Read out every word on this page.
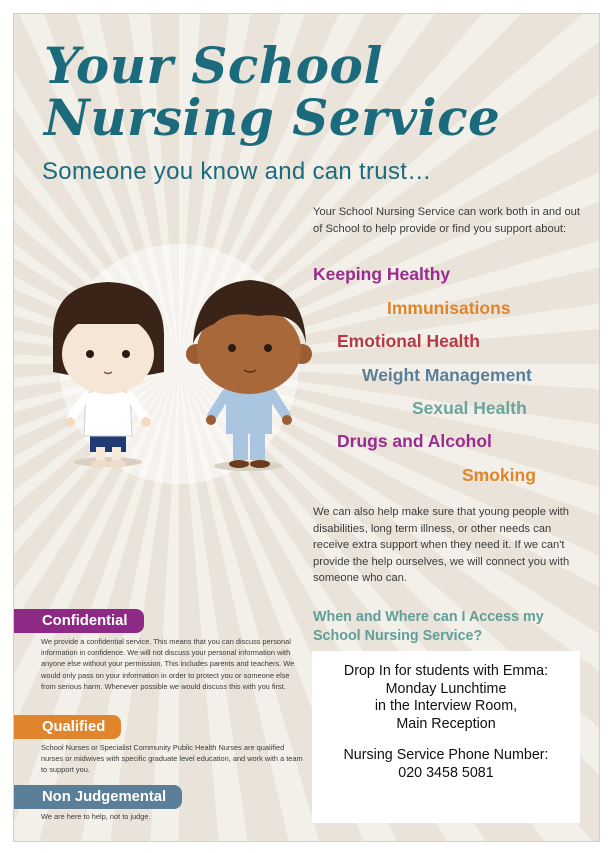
Your School
Nursing Service
Someone you know and can trust…
Your School Nursing Service can work both in and out of School to help provide or find you support about:
Keeping Healthy
Immunisations
Emotional Health
Weight Management
Sexual Health
Drugs and Alcohol
Smoking
We can also help make sure that young people with disabilities, long term illness, or other needs can receive extra support when they need it. If we can't provide the help ourselves, we will connect you with someone who can.
When and Where can I Access my
School Nursing Service?
Drop In for students with Emma:
Monday Lunchtime
in the Interview Room,
Main Reception
Nursing Service Phone Number:
020 3458 5081
Confidential
We provide a confidential service. This means that you can discuss personal information in confidence. We will not discuss your personal information with anyone else without your permission. This includes parents and teachers. We would only pass on your information in order to protect you or someone else from serious harm. Whenever possible we would discuss this with you first.
Qualified
School Nurses or Specialist Community Public Health Nurses are qualified nurses or midwives with specific graduate level education, and work with a team to support you.
Non Judgemental
We are here to help, not to judge.
